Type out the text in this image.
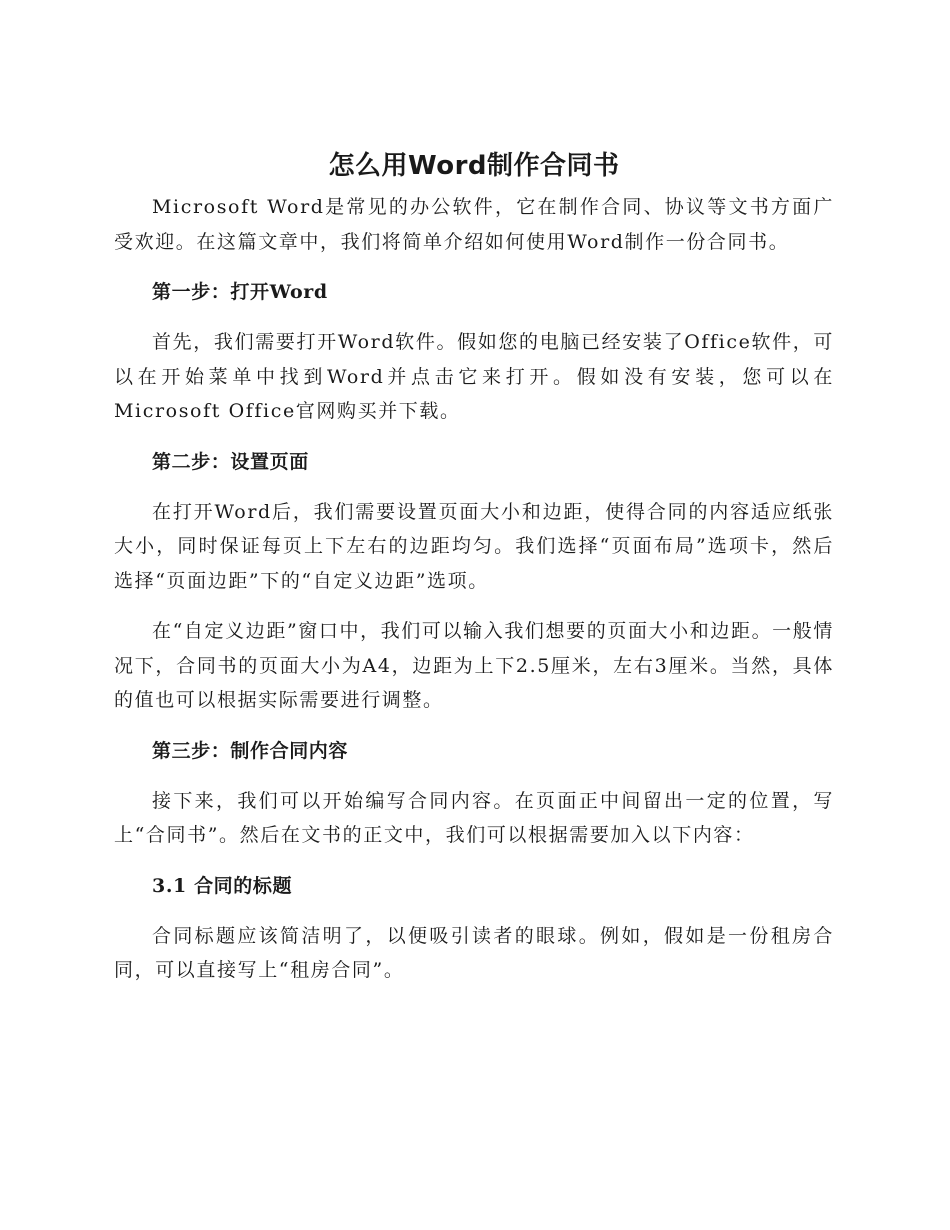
怎么用Word制作合同书

Microsoft Word是常见的办公软件，它在制作合同、协议等文书方面广受欢迎。在这篇文章中，我们将简单介绍如何使用Word制作一份合同书。

第一步：打开Word

首先，我们需要打开Word软件。假如您的电脑已经安装了Office软件，可以在开始菜单中找到Word并点击它来打开。假如没有安装，您可以在Microsoft Office官网购买并下载。

第二步：设置页面

在打开Word后，我们需要设置页面大小和边距，使得合同的内容适应纸张大小，同时保证每页上下左右的边距均匀。我们选择“页面布局”选项卡，然后选择“页面边距”下的“自定义边距”选项。

在“自定义边距”窗口中，我们可以输入我们想要的页面大小和边距。一般情况下，合同书的页面大小为A4，边距为上下2.5厘米，左右3厘米。当然，具体的值也可以根据实际需要进行调整。

第三步：制作合同内容

接下来，我们可以开始编写合同内容。在页面正中间留出一定的位置，写上“合同书”。然后在文书的正文中，我们可以根据需要加入以下内容：

3.1 合同的标题

合同标题应该简洁明了，以便吸引读者的眼球。例如，假如是一份租房合同，可以直接写上“租房合同”。
